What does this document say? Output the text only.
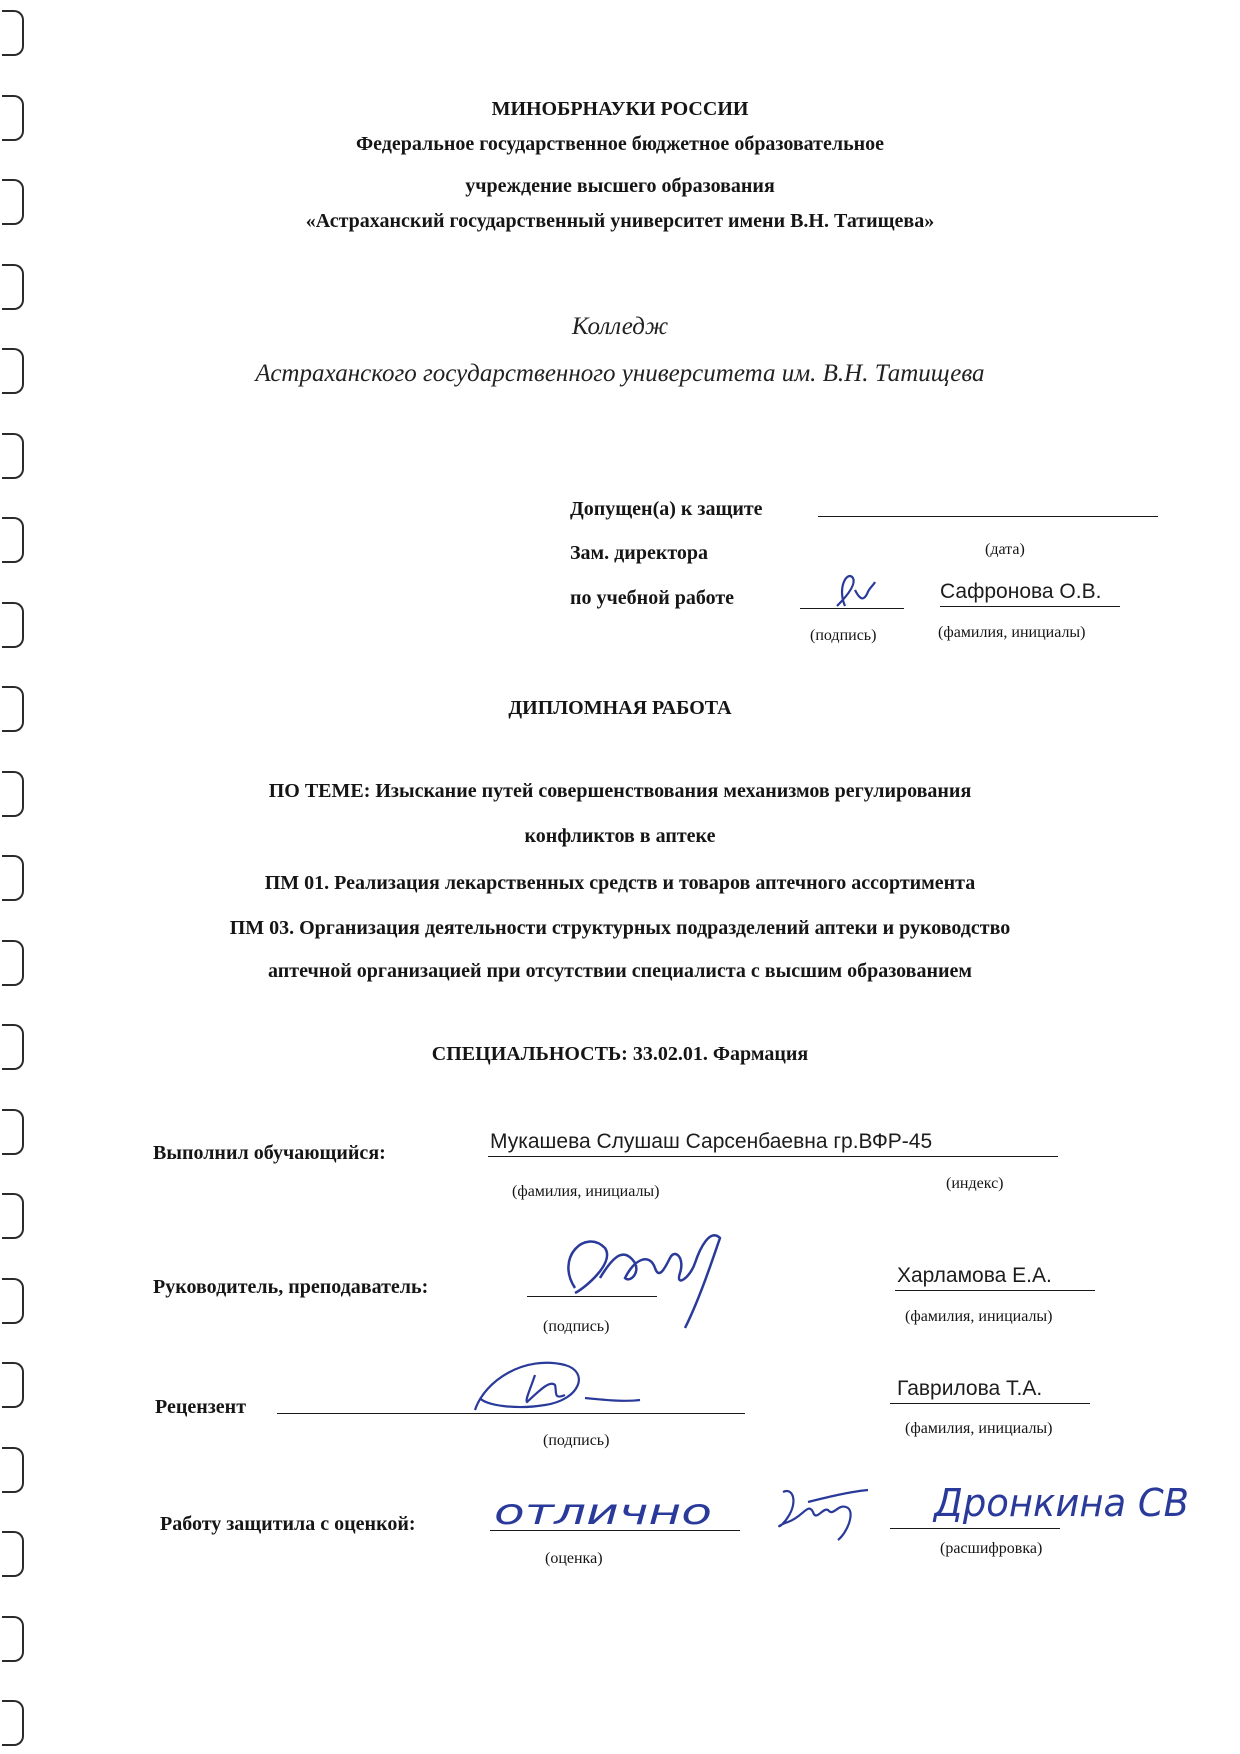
МИНОБРНАУКИ РОССИИ
Федеральное государственное бюджетное образовательное
учреждение высшего образования
«Астраханский государственный университет имени В.Н. Татищева»
Колледж
Астраханского государственного университета им. В.Н. Татищева
Допущен(а) к защите
(дата)
Зам. директора
по учебной работе
(подпись)
Сафронова О.В.
(фамилия, инициалы)
ДИПЛОМНАЯ РАБОТА
ПО ТЕМЕ: Изыскание путей совершенствования механизмов регулирования
конфликтов в аптеке
ПМ 01. Реализация лекарственных средств и товаров аптечного ассортимента
ПМ 03. Организация деятельности структурных подразделений аптеки и руководство
аптечной организацией при отсутствии специалиста с высшим образованием
СПЕЦИАЛЬНОСТЬ: 33.02.01. Фармация
Выполнил обучающийся:	Мукашева Слушаш Сарсенбаевна гр.ВФР-45
(фамилия, инициалы)	(индекс)
Руководитель, преподаватель:
(подпись)
Харламова Е.А.
(фамилия, инициалы)
Рецензент
(подпись)
Гаврилова Т.А.
(фамилия, инициалы)
Работу защитила с оценкой: отлично
(оценка)
Дронкина СВ
(расшифровка)
